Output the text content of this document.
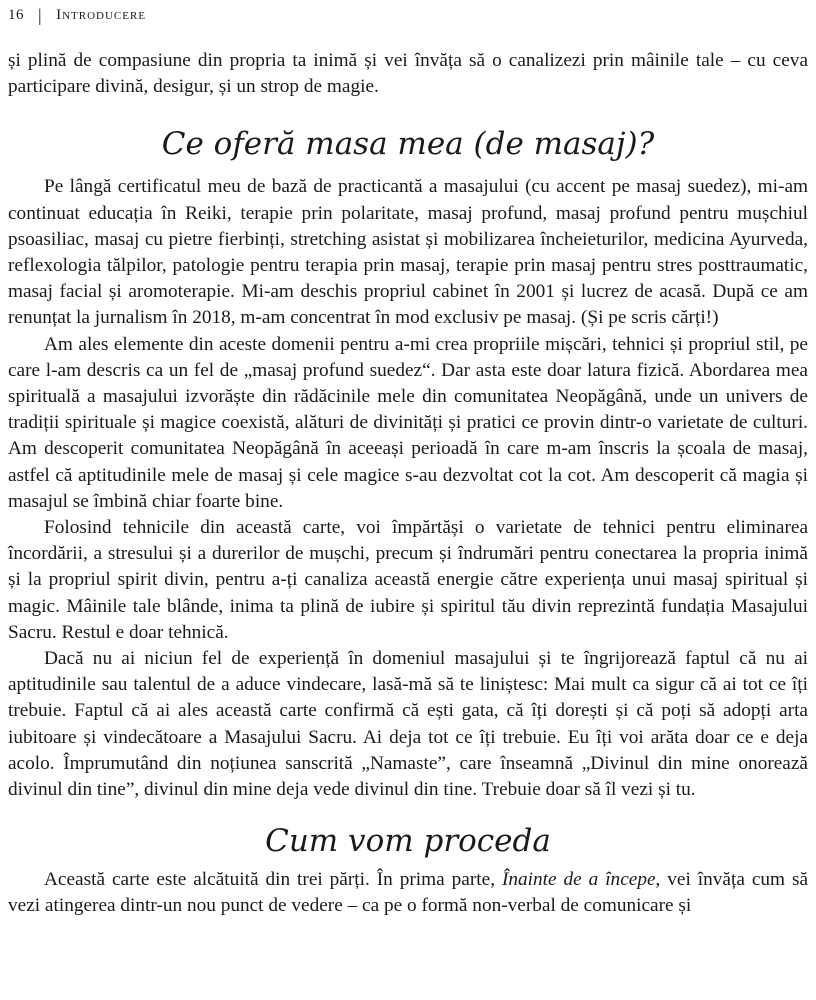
16 | Introducere

și plină de compasiune din propria ta inimă și vei învăța să o canalizezi prin mâinile tale – cu ceva participare divină, desigur, și un strop de magie.

Ce oferă masa mea (de masaj)?

Pe lângă certificatul meu de bază de practicantă a masajului (cu accent pe masaj suedez), mi-am continuat educația în Reiki, terapie prin polaritate, masaj profund, masaj profund pentru mușchiul psoasiliac, masaj cu pietre fierbinți, stretching asistat și mobilizarea încheieturilor, medicina Ayurveda, reflexologia tălpilor, patologie pentru terapia prin masaj, terapie prin masaj pentru stres posttraumatic, masaj facial și aromoterapie. Mi-am deschis propriul cabinet în 2001 și lucrez de acasă. După ce am renunțat la jurnalism în 2018, m-am concentrat în mod exclusiv pe masaj. (Și pe scris cărți!)

Am ales elemente din aceste domenii pentru a-mi crea propriile mișcări, tehnici și propriul stil, pe care l-am descris ca un fel de „masaj profund suedez“. Dar asta este doar latura fizică. Abordarea mea spirituală a masajului izvorăște din rădăcinile mele din comunitatea Neopăgână, unde un univers de tradiții spirituale și magice coexistă, alături de divinități și pratici ce provin dintr-o varietate de culturi. Am descoperit comunitatea Neopăgână în aceeași perioadă în care m-am înscris la școala de masaj, astfel că aptitudinile mele de masaj și cele magice s-au dezvoltat cot la cot. Am descoperit că magia și masajul se îmbină chiar foarte bine.

Folosind tehnicile din această carte, voi împărtăși o varietate de tehnici pentru eliminarea încordării, a stresului și a durerilor de mușchi, precum și îndrumări pentru conectarea la propria inimă și la propriul spirit divin, pentru a-ți canaliza această energie către experiența unui masaj spiritual și magic. Mâinile tale blânde, inima ta plină de iubire și spiritul tău divin reprezintă fundația Masajului Sacru. Restul e doar tehnică.

Dacă nu ai niciun fel de experiență în domeniul masajului și te îngrijorează faptul că nu ai aptitudinile sau talentul de a aduce vindecare, lasă-mă să te liniștesc: Mai mult ca sigur că ai tot ce îți trebuie. Faptul că ai ales această carte confirmă că ești gata, că îți dorești și că poți să adopți arta iubitoare și vindecătoare a Masajului Sacru. Ai deja tot ce îți trebuie. Eu îți voi arăta doar ce e deja acolo. Împrumutând din noțiunea sanscrită „Namaste”, care înseamnă „Divinul din mine onorează divinul din tine”, divinul din mine deja vede divinul din tine. Trebuie doar să îl vezi și tu.

Cum vom proceda

Această carte este alcătuită din trei părți. În prima parte, Înainte de a începe, vei învăța cum să vezi atingerea dintr-un nou punct de vedere – ca pe o formă non-verbal de comunicare și
